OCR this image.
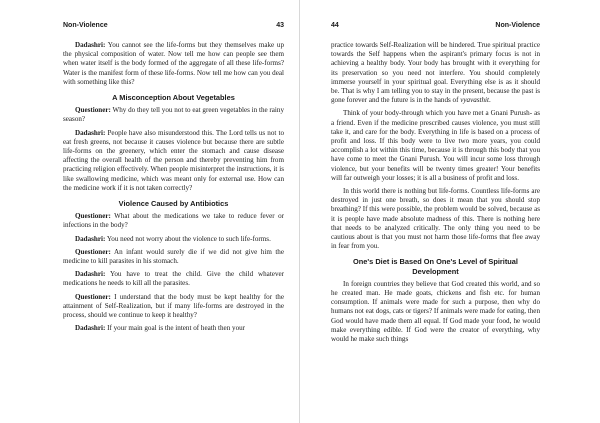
Non-Violence	43

Dadashri: You cannot see the life-forms but they themselves make up the physical composition of water. Now tell me how can people see them when water itself is the body formed of the aggregate of all these life-forms? Water is the manifest form of these life-forms. Now tell me how can you deal with something like this?

A Misconception About Vegetables

Questioner: Why do they tell you not to eat green vegetables in the rainy season?

Dadashri: People have also misunderstood this. The Lord tells us not to eat fresh greens, not because it causes violence but because there are subtle life-forms on the greenery, which enter the stomach and cause disease affecting the overall health of the person and thereby preventing him from practicing religion effectively. When people misinterpret the instructions, it is like swallowing medicine, which was meant only for external use. How can the medicine work if it is not taken correctly?

Violence Caused by Antibiotics

Questioner: What about the medications we take to reduce fever or infections in the body?

Dadashri: You need not worry about the violence to such life-forms.

Questioner: An infant would surely die if we did not give him the medicine to kill parasites in his stomach.

Dadashri: You have to treat the child. Give the child whatever medications he needs to kill all the parasites.

Questioner: I understand that the body must be kept healthy for the attainment of Self-Realization, but if many life-forms are destroyed in the process, should we continue to keep it healthy?

Dadashri: If your main goal is the intent of heath then your

44	Non-Violence

practice towards Self-Realization will be hindered. True spiritual practice towards the Self happens when the aspirant's primary focus is not in achieving a healthy body. Your body has brought with it everything for its preservation so you need not interfere. You should completely immerse yourself in your spiritual goal. Everything else is as it should be. That is why I am telling you to stay in the present, because the past is gone forever and the future is in the hands of vyavasthit.

Think of your body-through which you have met a Gnani Purush- as a friend. Even if the medicine prescribed causes violence, you must still take it, and care for the body. Everything in life is based on a process of profit and loss. If this body were to live two more years, you could accomplish a lot within this time, because it is through this body that you have come to meet the Gnani Purush. You will incur some loss through violence, but your benefits will be twenty times greater! Your benefits will far outweigh your losses; it is all a business of profit and loss.

In this world there is nothing but life-forms. Countless life-forms are destroyed in just one breath, so does it mean that you should stop breathing? If this were possible, the problem would be solved, because as it is people have made absolute madness of this. There is nothing here that needs to be analyzed critically. The only thing you need to be cautious about is that you must not harm those life-forms that flee away in fear from you.

One's Diet is Based On One's Level of Spiritual Development

In foreign countries they believe that God created this world, and so he created man. He made goats, chickens and fish etc. for human consumption. If animals were made for such a purpose, then why do humans not eat dogs, cats or tigers? If animals were made for eating, then God would have made them all equal. If God made your food, he would make everything edible. If God were the creator of everything, why would he make such things
